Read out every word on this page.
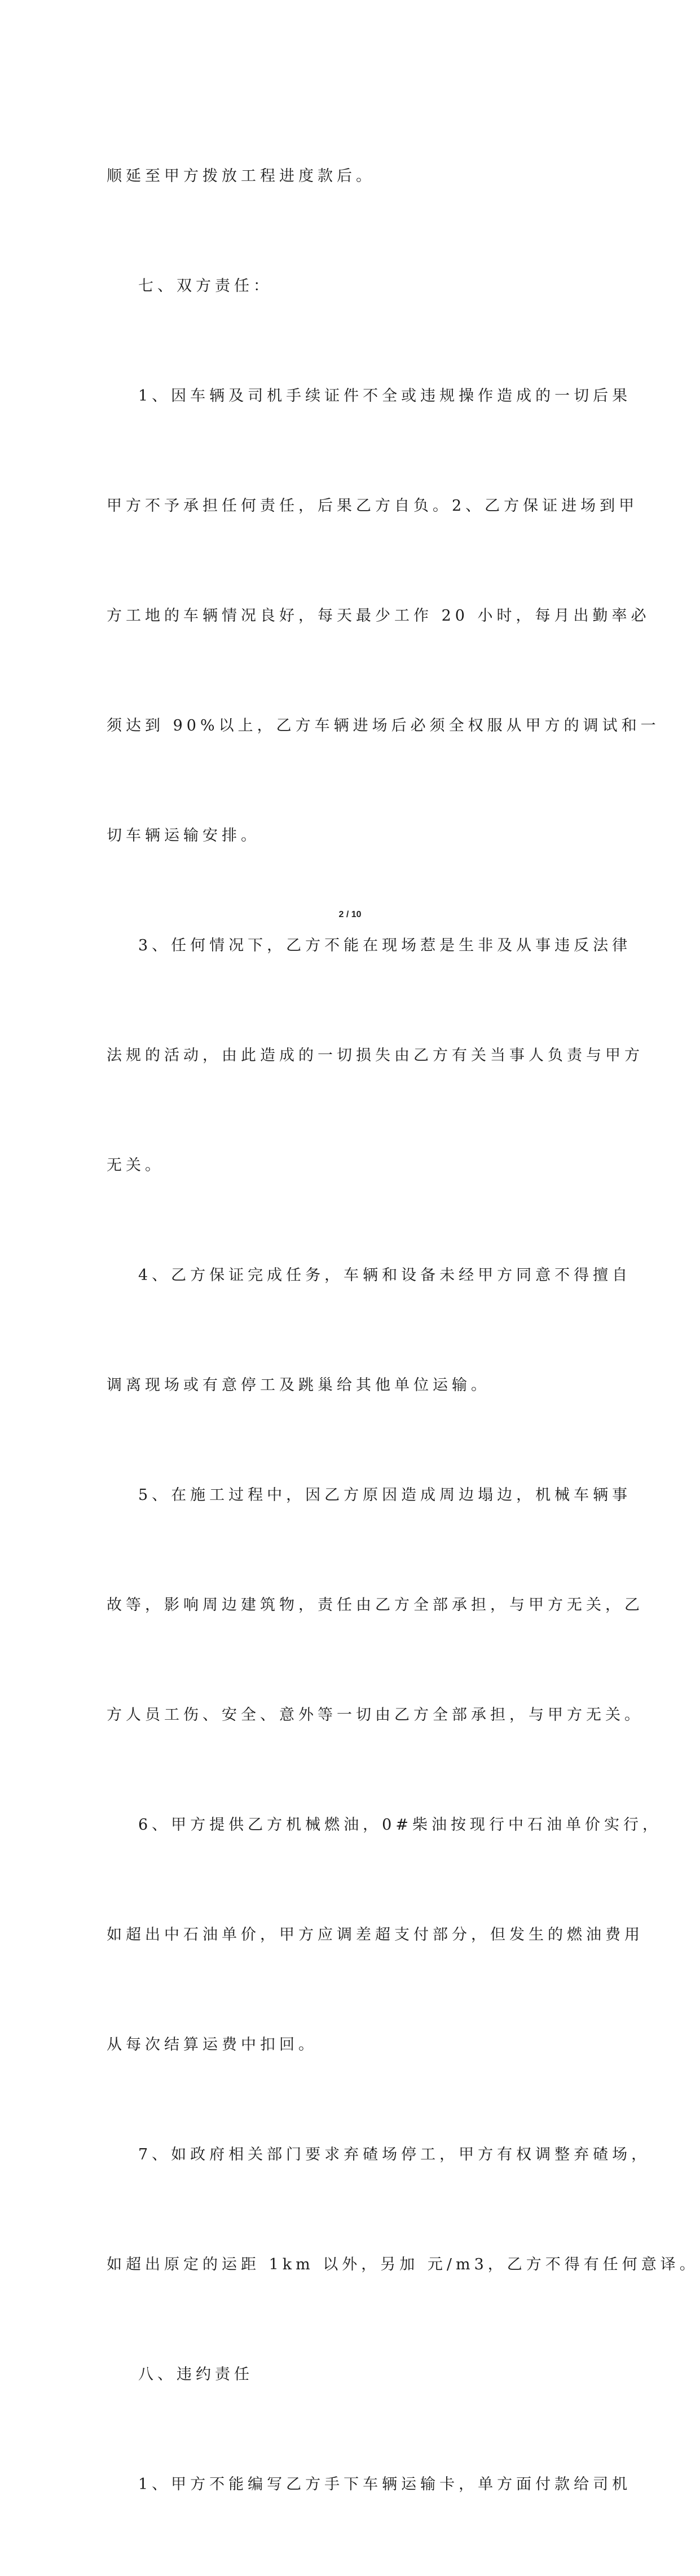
顺延至甲方拨放工程进度款后。

七、双方责任：

1、因车辆及司机手续证件不全或违规操作造成的一切后果

甲方不予承担任何责任，后果乙方自负。2、乙方保证进场到甲

方工地的车辆情况良好，每天最少工作 20 小时，每月出勤率必

须达到 90%以上，乙方车辆进场后必须全权服从甲方的调试和一

切车辆运输安排。

3、任何情况下，乙方不能在现场惹是生非及从事违反法律

法规的活动，由此造成的一切损失由乙方有关当事人负责与甲方

无关。

4、乙方保证完成任务，车辆和设备未经甲方同意不得擅自

调离现场或有意停工及跳巢给其他单位运输。

5、在施工过程中，因乙方原因造成周边塌边，机械车辆事

故等，影响周边建筑物，责任由乙方全部承担，与甲方无关，乙

方人员工伤、安全、意外等一切由乙方全部承担，与甲方无关。

6、甲方提供乙方机械燃油，0#柴油按现行中石油单价实行，

如超出中石油单价，甲方应调差超支付部分，但发生的燃油费用

从每次结算运费中扣回。

7、如政府相关部门要求弃碴场停工，甲方有权调整弃碴场，

如超出原定的运距 1km 以外，另加 元/m3，乙方不得有任何意译。

八、违约责任

1、甲方不能编写乙方手下车辆运输卡，单方面付款给司机

2 / 10
